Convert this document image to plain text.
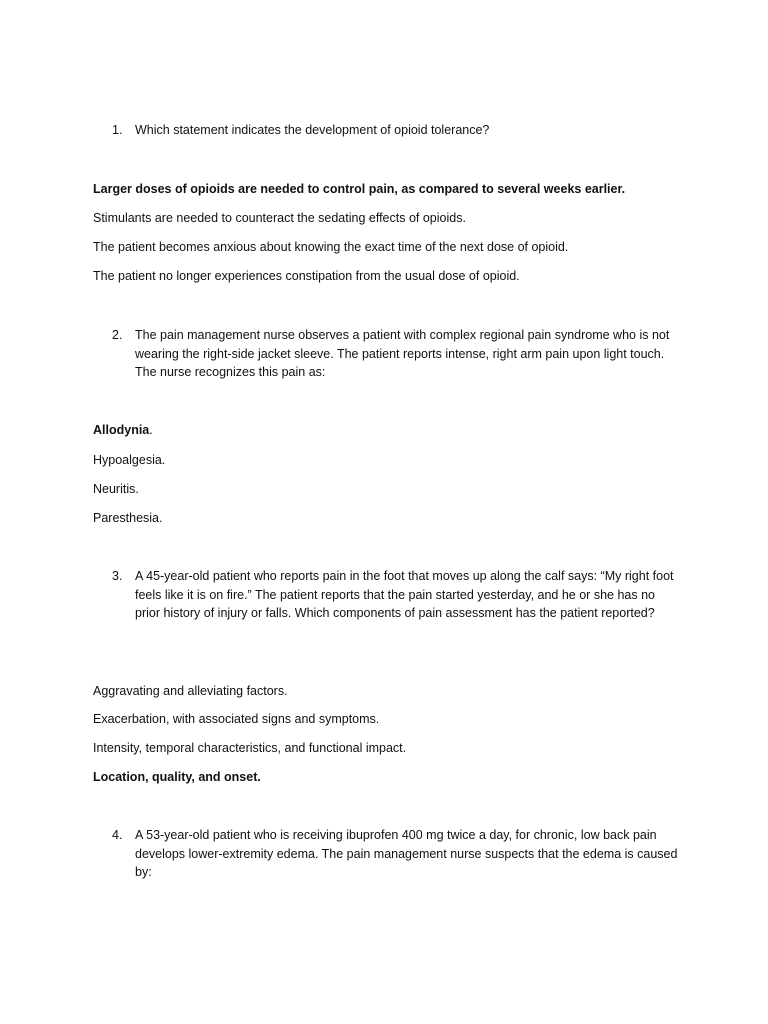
1.	Which statement indicates the development of opioid tolerance?
Larger doses of opioids are needed to control pain, as compared to several weeks earlier.
Stimulants are needed to counteract the sedating effects of opioids.
The patient becomes anxious about knowing the exact time of the next dose of opioid.
The patient no longer experiences constipation from the usual dose of opioid.
2.	The pain management nurse observes a patient with complex regional pain syndrome who is not wearing the right-side jacket sleeve. The patient reports intense, right arm pain upon light touch. The nurse recognizes this pain as:
Allodynia.
Hypoalgesia.
Neuritis.
Paresthesia.
3.	A 45-year-old patient who reports pain in the foot that moves up along the calf says: “My right foot feels like it is on fire.” The patient reports that the pain started yesterday, and he or she has no prior history of injury or falls. Which components of pain assessment has the patient reported?
Aggravating and alleviating factors.
Exacerbation, with associated signs and symptoms.
Intensity, temporal characteristics, and functional impact.
Location, quality, and onset.
4.	A 53-year-old patient who is receiving ibuprofen 400 mg twice a day, for chronic, low back pain develops lower-extremity edema. The pain management nurse suspects that the edema is caused by:
